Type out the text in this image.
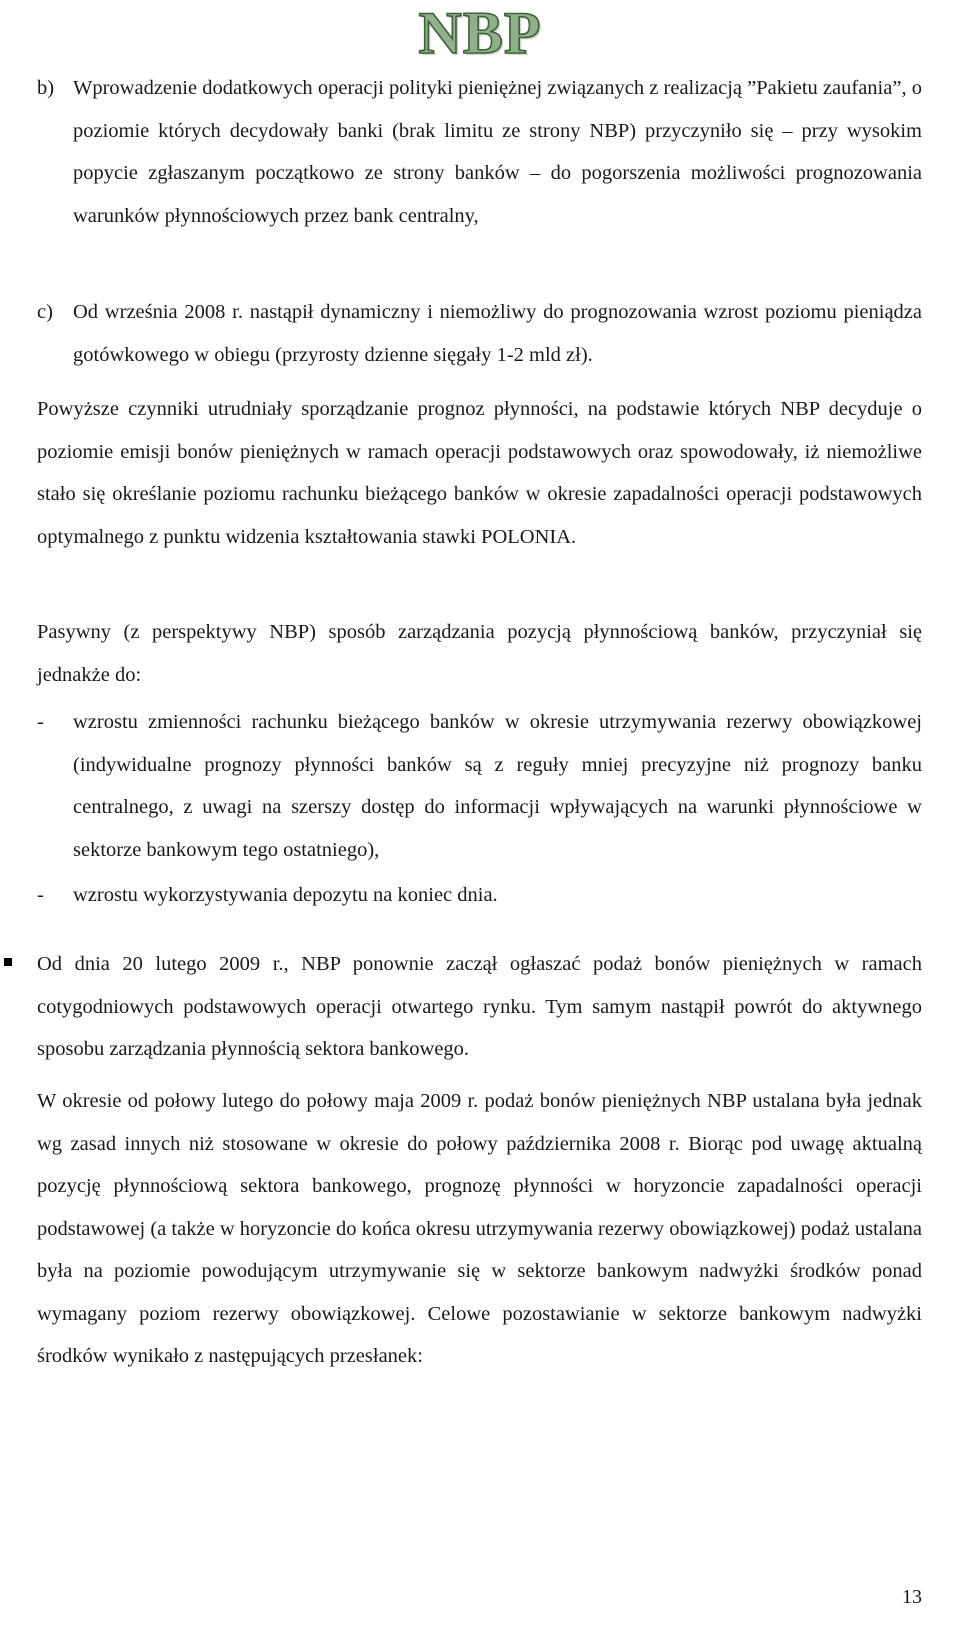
NBP
b) Wprowadzenie dodatkowych operacji polityki pieniężnej związanych z realizacją ”Pakietu zaufania”, o poziomie których decydowały banki (brak limitu ze strony NBP) przyczyniło się – przy wysokim popycie zgłaszanym początkowo ze strony banków – do pogorszenia możliwości prognozowania warunków płynnościowych przez bank centralny,
c) Od września 2008 r. nastąpił dynamiczny i niemożliwy do prognozowania wzrost poziomu pieniądza gotówkowego w obiegu (przyrosty dzienne sięgały 1-2 mld zł).
Powyższe czynniki utrudniały sporządzanie prognoz płynności, na podstawie których NBP decyduje o poziomie emisji bonów pieniężnych w ramach operacji podstawowych oraz spowodowały, iż niemożliwe stało się określanie poziomu rachunku bieżącego banków w okresie zapadalności operacji podstawowych optymalnego z punktu widzenia kształtowania stawki POLONIA.
Pasywny (z perspektywy NBP) sposób zarządzania pozycją płynnościową banków, przyczyniał się jednakże do:
- wzrostu zmienności rachunku bieżącego banków w okresie utrzymywania rezerwy obowiązkowej (indywidualne prognozy płynności banków są z reguły mniej precyzyjne niż prognozy banku centralnego, z uwagi na szerszy dostęp do informacji wpływających na warunki płynnościowe w sektorze bankowym tego ostatniego),
- wzrostu wykorzystywania depozytu na koniec dnia.
Od dnia 20 lutego 2009 r., NBP ponownie zaczął ogłaszać podaż bonów pieniężnych w ramach cotygodniowych podstawowych operacji otwartego rynku. Tym samym nastąpił powrót do aktywnego sposobu zarządzania płynnością sektora bankowego.
W okresie od połowy lutego do połowy maja 2009 r. podaż bonów pieniężnych NBP ustalana była jednak wg zasad innych niż stosowane w okresie do połowy października 2008 r. Biorąc pod uwagę aktualną pozycję płynnościową sektora bankowego, prognozę płynności w horyzoncie zapadalności operacji podstawowej (a także w horyzoncie do końca okresu utrzymywania rezerwy obowiązkowej) podaż ustalana była na poziomie powodującym utrzymywanie się w sektorze bankowym nadwyżki środków ponad wymagany poziom rezerwy obowiązkowej. Celowe pozostawianie w sektorze bankowym nadwyżki środków wynikało z następujących przesłanek:
13
